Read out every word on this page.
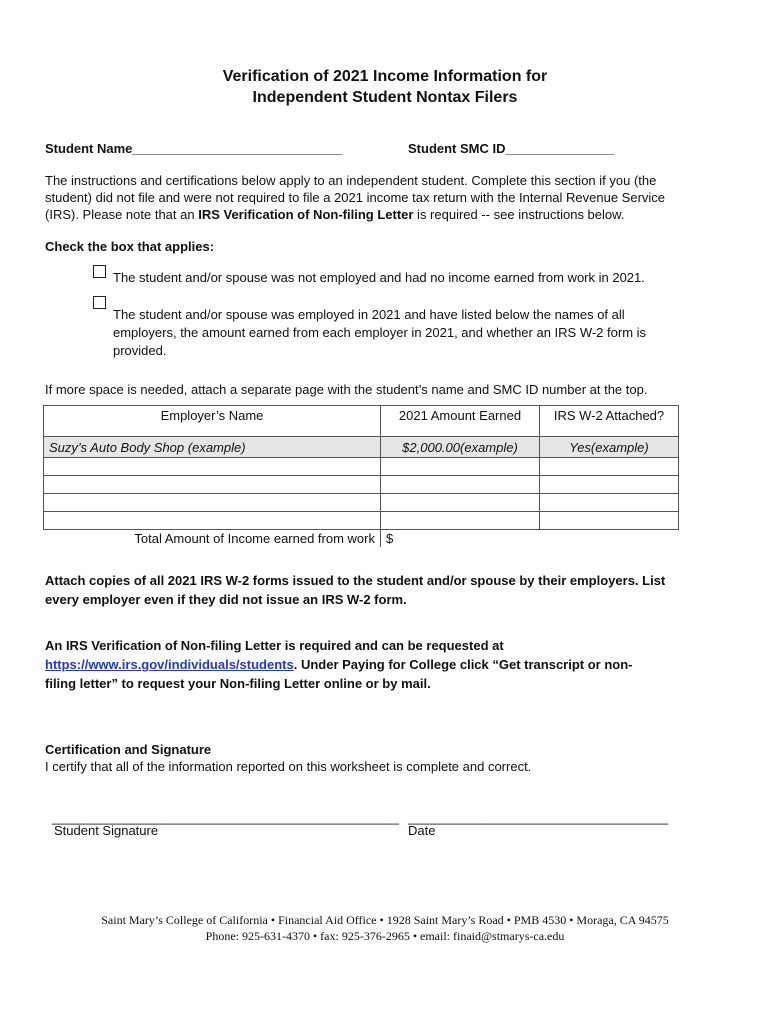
Verification of 2021 Income Information for
Independent Student Nontax Filers
Student Name_____________________________	Student SMC ID_______________
The instructions and certifications below apply to an independent student. Complete this section if you (the
student) did not file and were not required to file a 2021 income tax return with the Internal Revenue Service
(IRS). Please note that an IRS Verification of Non-filing Letter is required -- see instructions below.
Check the box that applies:
The student and/or spouse was not employed and had no income earned from work in 2021.
The student and/or spouse was employed in 2021 and have listed below the names of all
employers, the amount earned from each employer in 2021, and whether an IRS W-2 form is
provided.
If more space is needed, attach a separate page with the student’s name and SMC ID number at the top.
Employer’s Name	2021 Amount Earned	IRS W-2 Attached?
Suzy’s Auto Body Shop (example)	$2,000.00(example)	Yes(example)

Total Amount of Income earned from work	$	
Attach copies of all 2021 IRS W-2 forms issued to the student and/or spouse by their employers. List
every employer even if they did not issue an IRS W-2 form.
An IRS Verification of Non-filing Letter is required and can be requested at
https://www.irs.gov/individuals/students. Under Paying for College click “Get transcript or non-
filing letter” to request your Non-filing Letter online or by mail.
Certification and Signature
I certify that all of the information reported on this worksheet is complete and correct.
________________________________________________
Student Signature
____________________________________
Date
Saint Mary’s College of California • Financial Aid Office • 1928 Saint Mary’s Road • PMB 4530 • Moraga, CA 94575
Phone: 925-631-4370 • fax: 925-376-2965 • email: finaid@stmarys-ca.edu
